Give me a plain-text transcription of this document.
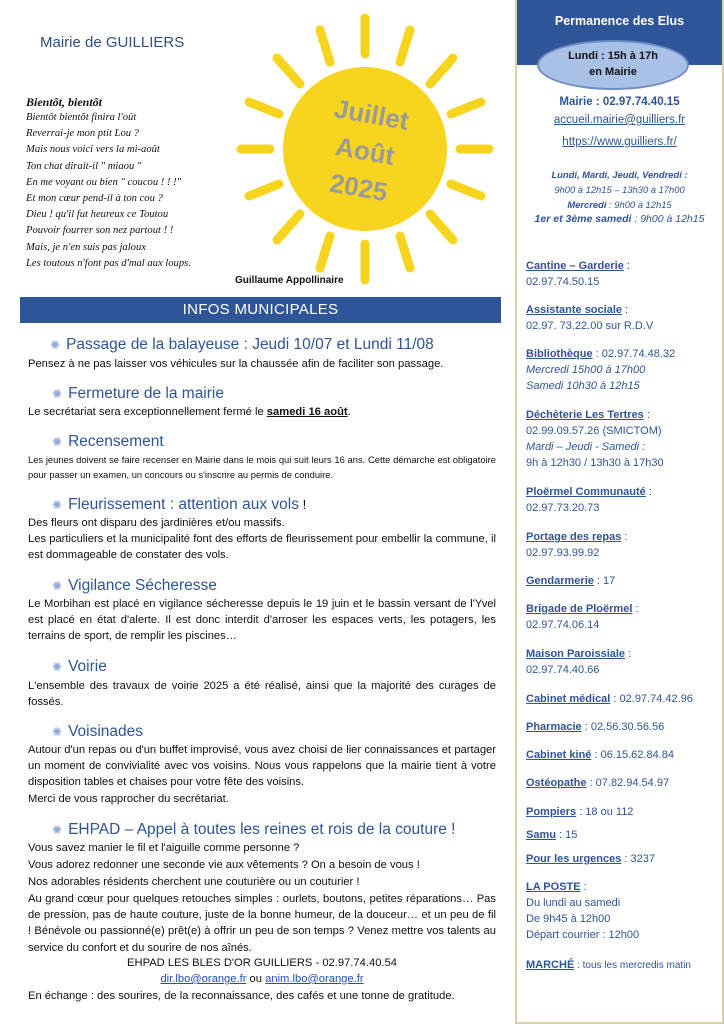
Mairie de GUILLIERS
Juillet
Août
2025
Bientôt, bientôt
Bientôt bientôt finira l'oût
Reverrai-je mon ptit Lou ?
Mais nous voici vers la mi-août
Ton chat dirait-il " miaou "
En me voyant ou bien " coucou ! ! !"
Et mon cœur pend-il à ton cou ?
Dieu ! qu'il fut heureux ce Toutou
Pouvoir fourrer son nez partout ! !
Mais, je n'en suis pas jaloux
Les toutous n'font pas d'mal aux loups.
Guillaume Appollinaire
INFOS MUNICIPALES
✺ Passage de la balayeuse : Jeudi 10/07 et Lundi 11/08
Pensez à ne pas laisser vos véhicules sur la chaussée afin de faciliter son passage.
✺ Fermeture de la mairie
Le secrétariat sera exceptionnellement fermé le samedi 16 août.
✺ Recensement
Les jeunes doivent se faire recenser en Mairie dans le mois qui suit leurs 16 ans. Cette démarche est obligatoire pour passer un examen, un concours ou s'inscrire au permis de conduire.
✺ Fleurissement : attention aux vols !
Des fleurs ont disparu des jardinières et/ou massifs.
Les particuliers et la municipalité font des efforts de fleurissement pour embellir la commune, il est dommageable de constater des vols.
✺ Vigilance Sécheresse
Le Morbihan est placé en vigilance sécheresse depuis le 19 juin et le bassin versant de l'Yvel est placé en état d'alerte. Il est donc interdit d'arroser les espaces verts, les potagers, les terrains de sport, de remplir les piscines…
✺ Voirie
L'ensemble des travaux de voirie 2025 a été réalisé, ainsi que la majorité des curages de fossés.
✺ Voisinades
Autour d'un repas ou d'un buffet improvisé, vous avez choisi de lier connaissances et partager un moment de convivialité avec vos voisins. Nous vous rappelons que la mairie tient à votre disposition tables et chaises pour votre fête des voisins.
Merci de vous rapprocher du secrétariat.
✺ EHPAD – Appel à toutes les reines et rois de la couture !
Vous savez manier le fil et l'aiguille comme personne ?
Vous adorez redonner une seconde vie aux vêtements ? On a besoin de vous !
Nos adorables résidents cherchent une couturière ou un couturier !
Au grand cœur pour quelques retouches simples : ourlets, boutons, petites réparations… Pas de pression, pas de haute couture, juste de la bonne humeur, de la douceur… et un peu de fil ! Bénévole ou passionné(e) prêt(e) à offrir un peu de son temps ? Venez mettre vos talents au service du confort et du sourire de nos aînés.
EHPAD LES BLES D'OR GUILLIERS - 02.97.74.40.54
dir.lbo@orange.fr ou anim.lbo@orange.fr
En échange : des sourires, de la reconnaissance, des cafés et une tonne de gratitude.
Permanence des Elus
Lundi : 15h à 17h
en Mairie
Mairie : 02.97.74.40.15
accueil.mairie@guilliers.fr
https://www.guilliers.fr/
Lundi, Mardi, Jeudi, Vendredi :
9h00 à 12h15 – 13h30 à 17h00
Mercredi : 9h00 à 12h15
1er et 3ème samedi : 9h00 à 12h15
Cantine – Garderie :
02.97.74.50.15
Assistante sociale :
02.97. 73.22.00 sur R.D.V
Bibliothèque : 02.97.74.48.32
Mercredi 15h00 à 17h00
Samedi 10h30 à 12h15
Déchèterie Les Tertres :
02.99.09.57.26 (SMICTOM)
Mardi – Jeudi - Samedi :
9h à 12h30 / 13h30 à 17h30
Ploërmel Communauté :
02.97.73.20.73
Portage des repas :
02.97.93.99.92
Gendarmerie : 17
Brigade de Ploërmel :
02.97.74.06.14
Maison Paroissiale :
02.97.74.40.66
Cabinet médical : 02.97.74.42.96
Pharmacie : 02.56.30.56.56
Cabinet kiné : 06.15.62.84.84
Ostéopathe : 07.82.94.54.97
Pompiers : 18 ou 112
Samu : 15
Pour les urgences : 3237
LA POSTE :
Du lundi au samedi
De 9h45 à 12h00
Départ courrier : 12h00
MARCHÉ : tous les mercredis matin
